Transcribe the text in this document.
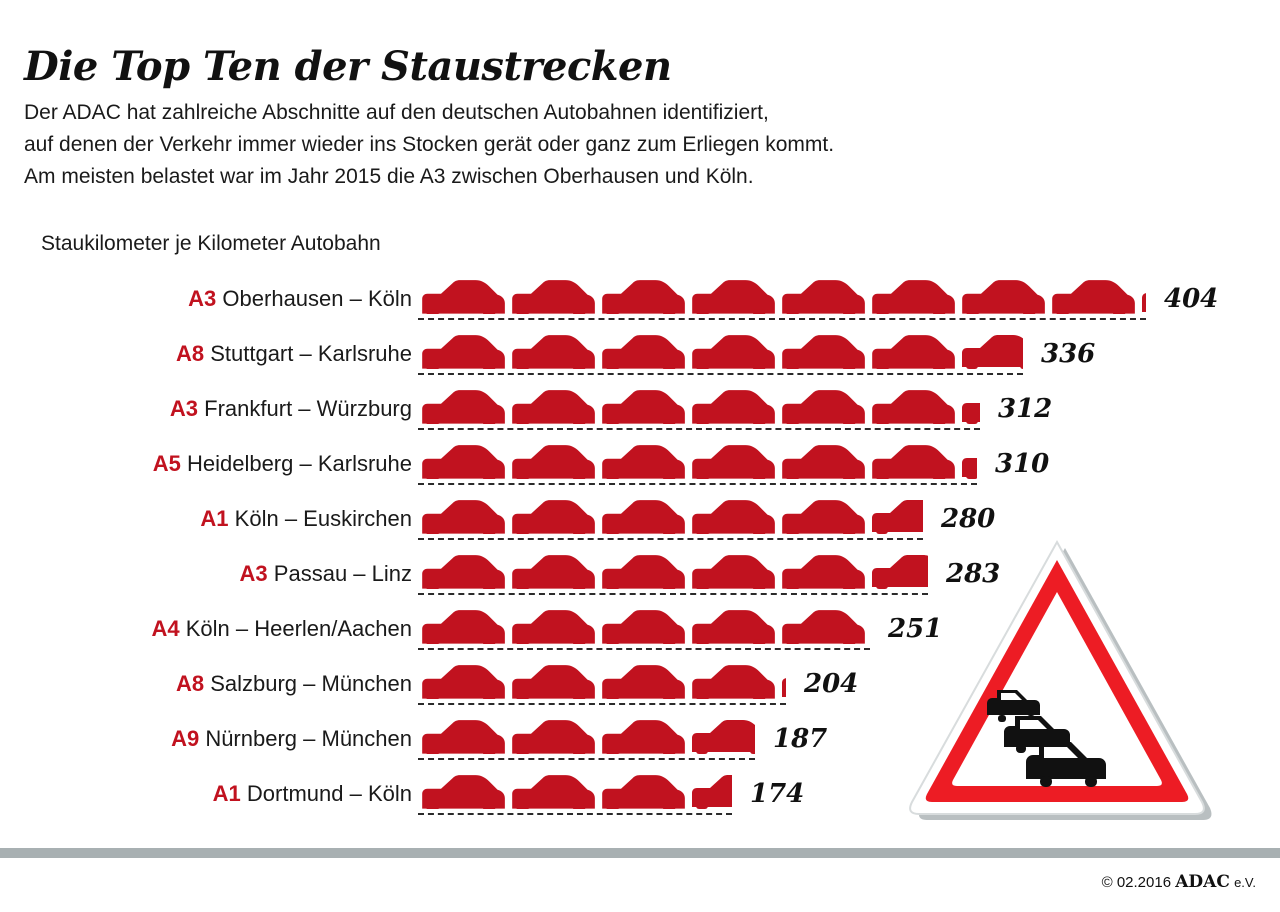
Die Top Ten der Staustrecken
Der ADAC hat zahlreiche Abschnitte auf den deutschen Autobahnen identifiziert,
auf denen der Verkehr immer wieder ins Stocken gerät oder ganz zum Erliegen kommt.
Am meisten belastet war im Jahr 2015 die A3 zwischen Oberhausen und Köln.
Staukilometer je Kilometer Autobahn
A3 Oberhausen – Köln	404
A8 Stuttgart – Karlsruhe	336
A3 Frankfurt – Würzburg	312
A5 Heidelberg – Karlsruhe	310
A1 Köln – Euskirchen	280
A3 Passau – Linz	283
A4 Köln – Heerlen/Aachen	251
A8 Salzburg – München	204
A9 Nürnberg – München	187
A1 Dortmund – Köln	174
© 02.2016 ADAC e.V.
